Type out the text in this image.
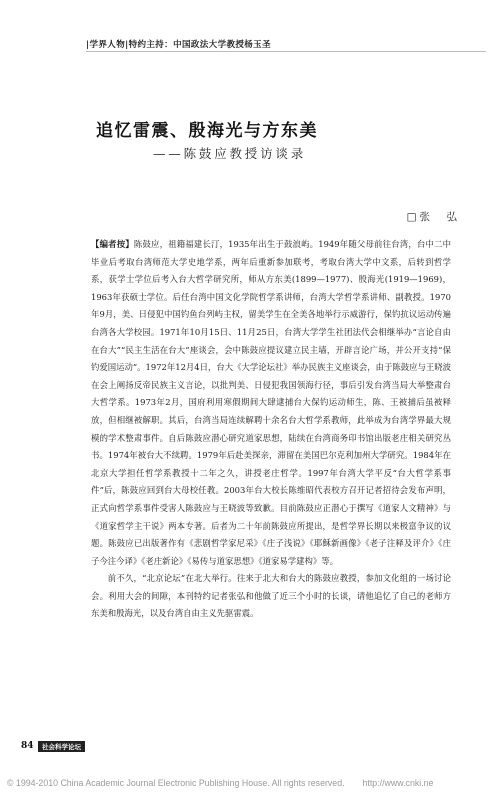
|学界人物|特约主持：中国政法大学教授杨玉圣
追忆雷震、殷海光与方东美
——陈鼓应教授访谈录
□张　弘

【编者按】陈鼓应，祖籍福建长汀，1935年出生于鼓浪屿。1949年随父母前往台湾，台中二中毕业后考取台湾师范大学史地学系，两年后重新参加联考，考取台湾大学中文系，后转到哲学系，获学士学位后考入台大哲学研究所，师从方东美(1899—1977)、殷海光(1919—1969)，1963年获硕士学位。后任台湾中国文化学院哲学系讲师，台湾大学哲学系讲师、副教授。1970年9月，美、日侵犯中国钓鱼台列屿主权，留美学生在全美各地举行示威游行，保钓抗议运动传遍台湾各大学校园。1971年10月15日、11月25日，台湾大学学生社团法代会相继举办“言论自由在台大”“民主生活在台大”座谈会，会中陈鼓应提议建立民主墙，开辟言论广场，并公开支持“保钓爱国运动”。1972年12月4日，台大《大学论坛社》举办民族主义座谈会，由于陈鼓应与王晓波在会上阐扬反帝民族主义言论，以批判美、日侵犯我国领海行径，事后引发台湾当局大举整肃台大哲学系。1973年2月，国府利用寒假期间大肆逮捕台大保钓运动师生，陈、王被捕后虽被释放，但相继被解职。其后，台湾当局连续解聘十余名台大哲学系教师，此举成为台湾学界最大规模的学术整肃事件。自后陈鼓应潜心研究道家思想，陆续在台湾商务印书馆出版老庄相关研究丛书。1974年被台大不续聘。1979年后赴美探亲，滞留在美国巴尔克利加州大学研究。1984年在北京大学担任哲学系教授十二年之久，讲授老庄哲学。1997年台湾大学平反“台大哲学系事件”后，陈鼓应回到台大母校任教。2003年台大校长陈维昭代表校方召开记者招待会发布声明，正式向哲学系事件受害人陈鼓应与王晓波等致歉。目前陈鼓应正潜心于撰写《道家人文精神》与《道家哲学主干说》两本专著。后者为二十年前陈鼓应所提出，是哲学界长期以来极富争议的议题。陈鼓应已出版著作有《悲剧哲学家尼采》《庄子浅说》《耶稣新画像》《老子注释及评介》《庄子今注今译》《老庄新论》《易传与道家思想》《道家易学建构》等。

前不久，“北京论坛”在北大举行。往来于北大和台大的陈鼓应教授，参加文化组的一场讨论会。利用大会的间隙，本刊特约记者张弘和他做了近三个小时的长谈，请他追忆了自己的老师方东美和殷海光，以及台湾自由主义先驱雷震。

84	社会科学论坛
© 1994-2010 China Academic Journal Electronic Publishing House. All rights reserved. http://www.cnki.ne
